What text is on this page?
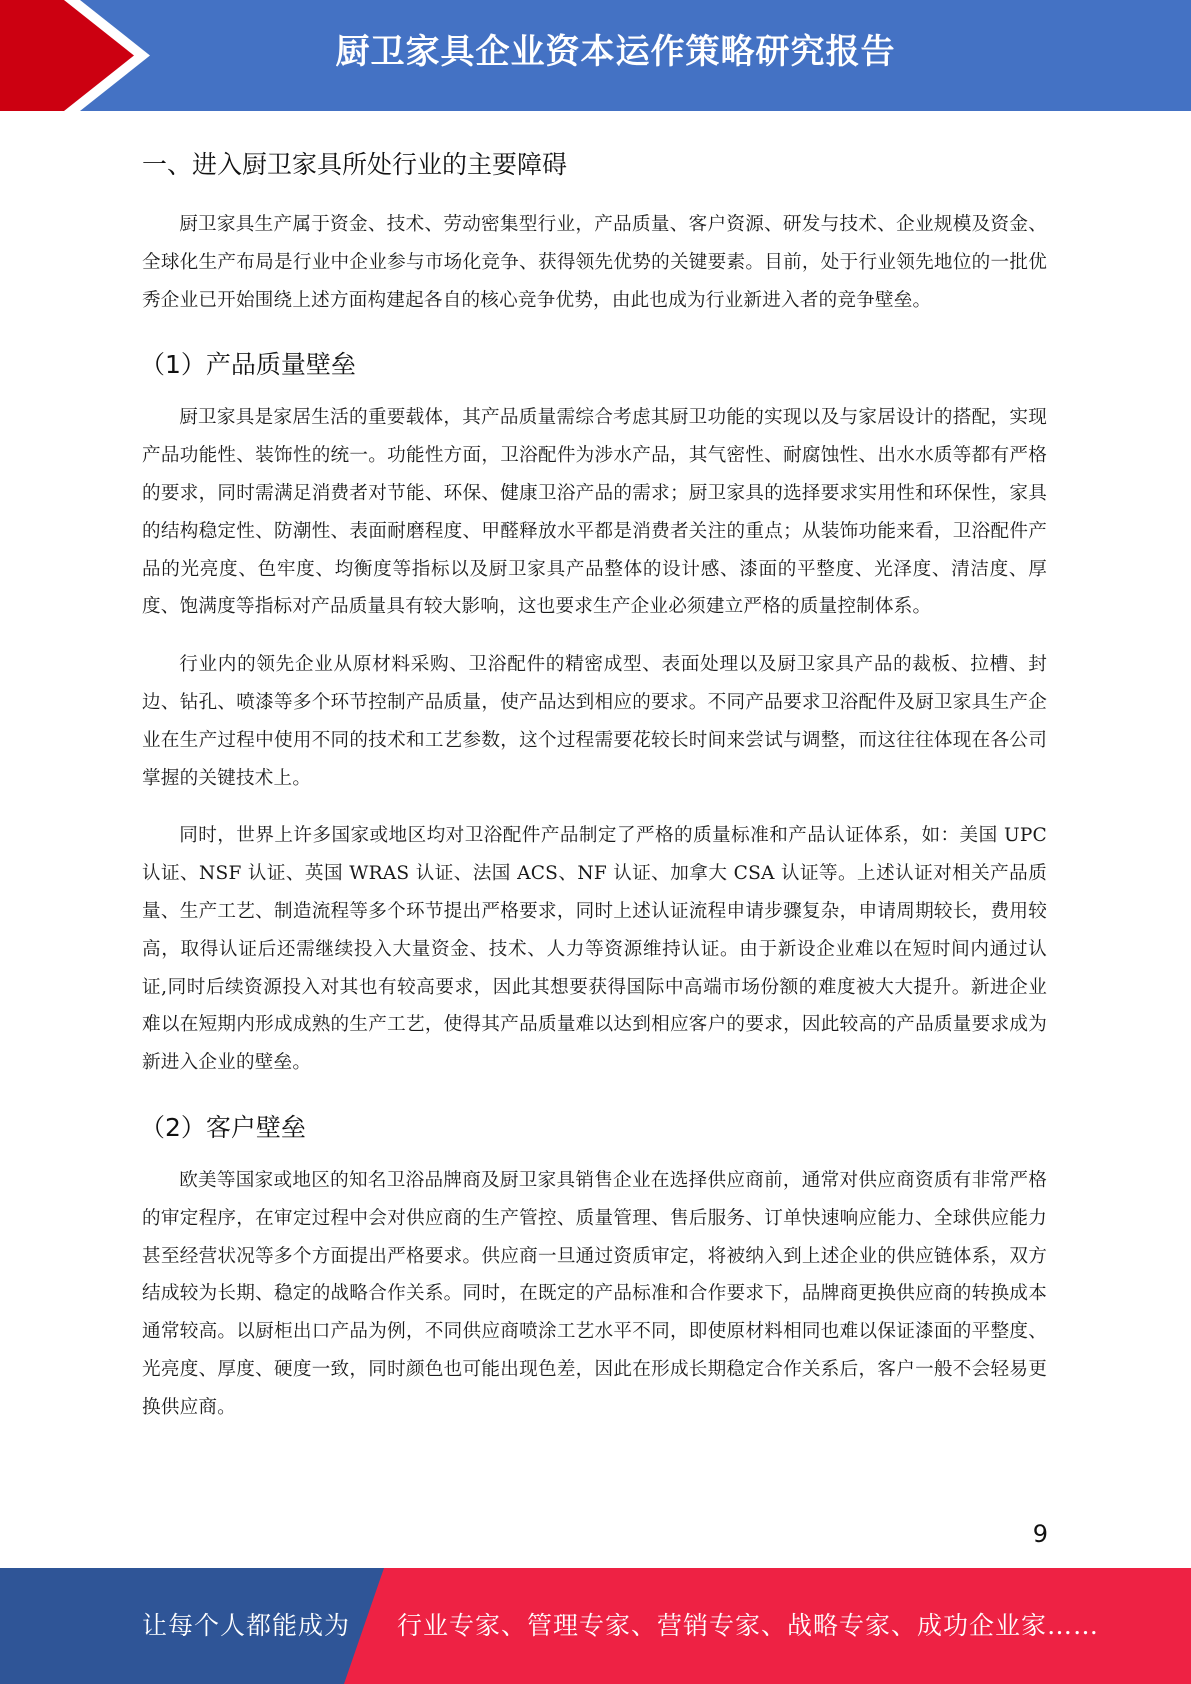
厨卫家具企业资本运作策略研究报告
一、进入厨卫家具所处行业的主要障碍

厨卫家具生产属于资金、技术、劳动密集型行业，产品质量、客户资源、研发与技术、企业规模及资金、全球化生产布局是行业中企业参与市场化竞争、获得领先优势的关键要素。目前，处于行业领先地位的一批优秀企业已开始围绕上述方面构建起各自的核心竞争优势，由此也成为行业新进入者的竞争壁垒。

（1）产品质量壁垒

厨卫家具是家居生活的重要载体，其产品质量需综合考虑其厨卫功能的实现以及与家居设计的搭配，实现产品功能性、装饰性的统一。功能性方面，卫浴配件为涉水产品，其气密性、耐腐蚀性、出水水质等都有严格的要求，同时需满足消费者对节能、环保、健康卫浴产品的需求；厨卫家具的选择要求实用性和环保性，家具的结构稳定性、防潮性、表面耐磨程度、甲醛释放水平都是消费者关注的重点；从装饰功能来看，卫浴配件产品的光亮度、色牢度、均衡度等指标以及厨卫家具产品整体的设计感、漆面的平整度、光泽度、清洁度、厚度、饱满度等指标对产品质量具有较大影响，这也要求生产企业必须建立严格的质量控制体系。

行业内的领先企业从原材料采购、卫浴配件的精密成型、表面处理以及厨卫家具产品的裁板、拉槽、封边、钻孔、喷漆等多个环节控制产品质量，使产品达到相应的要求。不同产品要求卫浴配件及厨卫家具生产企业在生产过程中使用不同的技术和工艺参数，这个过程需要花较长时间来尝试与调整，而这往往体现在各公司掌握的关键技术上。

同时，世界上许多国家或地区均对卫浴配件产品制定了严格的质量标准和产品认证体系，如：美国 UPC 认证、NSF 认证、英国 WRAS 认证、法国 ACS、NF 认证、加拿大 CSA 认证等。上述认证对相关产品质量、生产工艺、制造流程等多个环节提出严格要求，同时上述认证流程申请步骤复杂，申请周期较长，费用较高，取得认证后还需继续投入大量资金、技术、人力等资源维持认证。由于新设企业难以在短时间内通过认证,同时后续资源投入对其也有较高要求，因此其想要获得国际中高端市场份额的难度被大大提升。新进企业难以在短期内形成成熟的生产工艺，使得其产品质量难以达到相应客户的要求，因此较高的产品质量要求成为新进入企业的壁垒。

（2）客户壁垒

欧美等国家或地区的知名卫浴品牌商及厨卫家具销售企业在选择供应商前，通常对供应商资质有非常严格的审定程序，在审定过程中会对供应商的生产管控、质量管理、售后服务、订单快速响应能力、全球供应能力甚至经营状况等多个方面提出严格要求。供应商一旦通过资质审定，将被纳入到上述企业的供应链体系，双方结成较为长期、稳定的战略合作关系。同时，在既定的产品标准和合作要求下，品牌商更换供应商的转换成本通常较高。以厨柜出口产品为例，不同供应商喷涂工艺水平不同，即使原材料相同也难以保证漆面的平整度、光亮度、厚度、硬度一致，同时颜色也可能出现色差，因此在形成长期稳定合作关系后，客户一般不会轻易更换供应商。

9
让每个人都能成为 行业专家、管理专家、营销专家、战略专家、成功企业家……
